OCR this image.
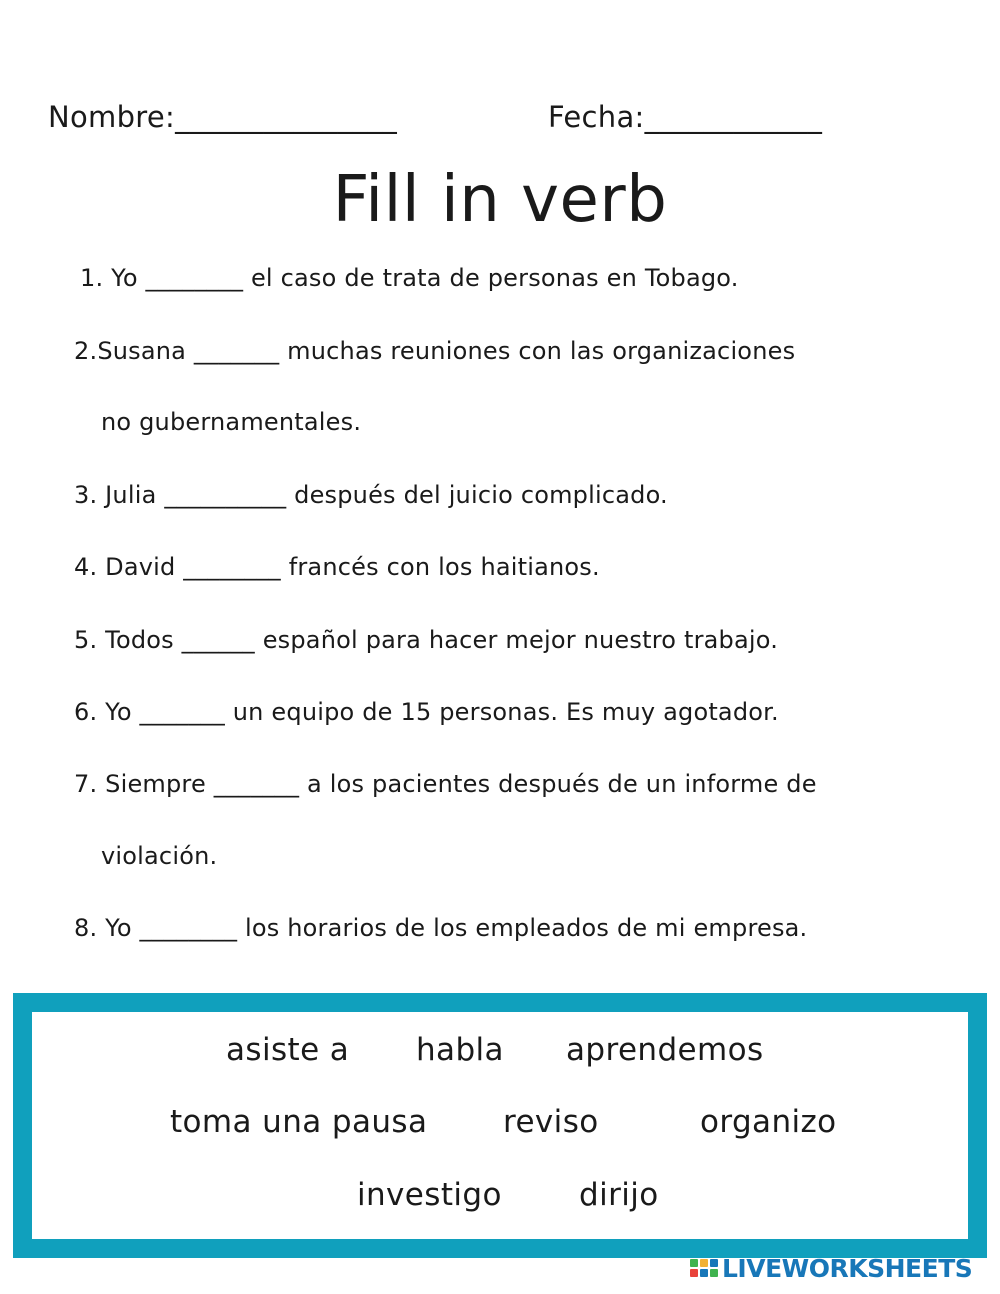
Nombre:_______________	Fecha:____________
Fill in verb
1. Yo ________ el caso de trata de personas en Tobago.
2.Susana _______ muchas reuniones con las organizaciones
no gubernamentales.
3. Julia __________ después del juicio complicado.
4. David ________ francés con los haitianos.
5. Todos ______ español para hacer mejor nuestro trabajo.
6. Yo _______ un equipo de 15 personas. Es muy agotador.
7. Siempre _______ a los pacientes después de un informe de
violación.
8. Yo ________ los horarios de los empleados de mi empresa.
asiste a habla aprendemos
toma una pausa reviso	organizo
investigo dirijo
LIVEWORKSHEETS
